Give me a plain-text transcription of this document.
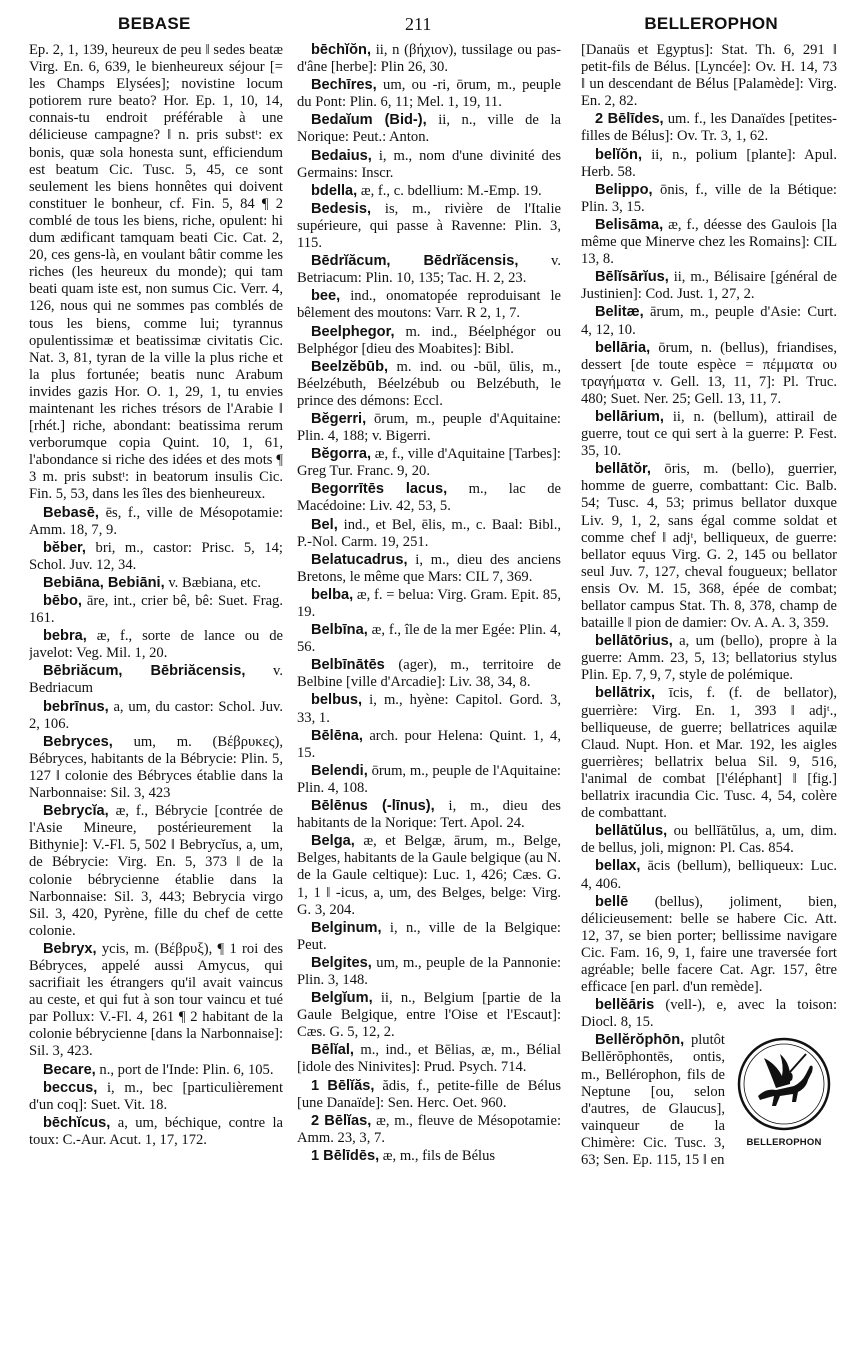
BEBASE	211	BELLEROPHON

Ep. 2, 1, 139, heureux de peu ‖ sedes beatæ Virg. En. 6, 639, le bienheureux séjour [= les Champs Elysées]; novistine locum potiorem rure beato? Hor. Ep. 1, 10, 14, connais-tu endroit préférable à une délicieuse campagne? ‖ n. pris substᵗ: ex bonis, quæ sola honesta sunt, efficiendum est beatum Cic. Tusc. 5, 45, ce sont seulement les biens honnêtes qui doivent constituer le bonheur, cf. Fin. 5, 84 ¶ 2 comblé de tous les biens, riche, opulent: hi dum ædificant tamquam beati Cic. Cat. 2, 20, ces gens-là, en voulant bâtir comme les riches (les heureux du monde); qui tam beati quam iste est, non sumus Cic. Verr. 4, 126, nous qui ne sommes pas comblés de tous les biens, comme lui; tyrannus opulentissimæ et beatissimæ civitatis Cic. Nat. 3, 81, tyran de la ville la plus riche et la plus fortunée; beatis nunc Arabum invides gazis Hor. O. 1, 29, 1, tu envies maintenant les riches trésors de l'Arabie ‖ [rhét.] riche, abondant: beatissima rerum verborumque copia Quint. 10, 1, 61, l'abondance si riche des idées et des mots ¶ 3 m. pris substᵗ: in beatorum insulis Cic. Fin. 5, 53, dans les îles des bienheureux.

Bebasē, ēs, f., ville de Mésopotamie: Amm. 18, 7, 9.

bĕber, bri, m., castor: Prisc. 5, 14; Schol. Juv. 12, 34.

Bebiāna, Bebiāni, v. Bæbiana, etc.

bēbo, āre, int., crier bê, bê: Suet. Frag. 161.

bebra, æ, f., sorte de lance ou de javelot: Veg. Mil. 1, 20.

Bēbriăcum, Bēbriăcensis, v. Bedriacum

bebrīnus, a, um, du castor: Schol. Juv. 2, 106.

Bebryces, um, m. (Βέβρυκες), Bébryces, habitants de la Bébrycie: Plin. 5, 127 ‖ colonie des Bébryces établie dans la Narbonnaise: Sil. 3, 423

Bebrycĭa, æ, f., Bébrycie [contrée de l'Asie Mineure, postérieurement la Bithynie]: V.-Fl. 5, 502 ‖ Bebrycĭus, a, um, de Bébrycie: Virg. En. 5, 373 ‖ de la colonie bébrycienne établie dans la Narbonnaise: Sil. 3, 443; Bebrycia virgo Sil. 3, 420, Pyrène, fille du chef de cette colonie.

Bebryx, ycis, m. (Βέβρυξ), ¶ 1 roi des Bébryces, appelé aussi Amycus, qui sacrifiait les étrangers qu'il avait vaincus au ceste, et qui fut à son tour vaincu et tué par Pollux: V.-Fl. 4, 261 ¶ 2 habitant de la colonie bébrycienne [dans la Narbonnaise]: Sil. 3, 423.

Becare, n., port de l'Inde: Plin. 6, 105.

beccus, i, m., bec [particulièrement d'un coq]: Suet. Vit. 18.

bēchĭcus, a, um, béchique, contre la toux: C.-Aur. Acut. 1, 17, 172.

bēchĭŏn, ii, n (βήχιον), tussilage ou pas-d'âne [herbe]: Plin 26, 30.

Bechīres, um, ou -ri, ōrum, m., peuple du Pont: Plin. 6, 11; Mel. 1, 19, 11.

Bedaĭum (Bid-), ii, n., ville de la Norique: Peut.: Anton.

Bedaius, i, m., nom d'une divinité des Germains: Inscr.

bdella, æ, f., c. bdellium: M.-Emp. 19.

Bedesis, is, m., rivière de l'Italie supérieure, qui passe à Ravenne: Plin. 3, 115.

Bēdrĭăcum, Bēdrĭăcensis, v. Betriacum: Plin. 10, 135; Tac. H. 2, 23.

bee, ind., onomatopée reproduisant le bêlement des moutons: Varr. R 2, 1, 7.

Beelphegor, m. ind., Béelphégor ou Belphégor [dieu des Moabites]: Bibl.

Beelzĕbūb, m. ind. ou -būl, ūlis, m., Béelzébuth, Béelzébub ou Belzébuth, le prince des démons: Eccl.

Bĕgerri, ōrum, m., peuple d'Aquitaine: Plin. 4, 188; v. Bigerri.

Bĕgorra, æ, f., ville d'Aquitaine [Tarbes]: Greg Tur. Franc. 9, 20.

Begorrītēs lacus, m., lac de Macédoine: Liv. 42, 53, 5.

Bel, ind., et Bel, ēlis, m., c. Baal: Bibl., P.-Nol. Carm. 19, 251.

Belatucadrus, i, m., dieu des anciens Bretons, le même que Mars: CIL 7, 369.

belba, æ, f. = belua: Virg. Gram. Epit. 85, 19.

Belbīna, æ, f., île de la mer Egée: Plin. 4, 56.

Belbīnātēs (ager), m., territoire de Belbine [ville d'Arcadie]: Liv. 38, 34, 8.

belbus, i, m., hyène: Capitol. Gord. 3, 33, 1.

Bēlēna, arch. pour Helena: Quint. 1, 4, 15.

Belendi, ōrum, m., peuple de l'Aquitaine: Plin. 4, 108.

Bēlēnus (-līnus), i, m., dieu des habitants de la Norique: Tert. Apol. 24.

Belga, æ, et Belgæ, ārum, m., Belge, Belges, habitants de la Gaule belgique (au N. de la Gaule celtique): Luc. 1, 426; Cæs. G. 1, 1 ‖ -icus, a, um, des Belges, belge: Virg. G. 3, 204.

Belginum, i, n., ville de la Belgique: Peut.

Belgites, um, m., peuple de la Pannonie: Plin. 3, 148.

Belgĭum, ii, n., Belgium [partie de la Gaule Belgique, entre l'Oise et l'Escaut]: Cæs. G. 5, 12, 2.

Bēlĭal, m., ind., et Bēlias, æ, m., Bélial [idole des Ninivites]: Prud. Psych. 714.

1 Bēlĭăs, ădis, f., petite-fille de Bélus [une Danaïde]: Sen. Herc. Oet. 960.

2 Bēlĭas, æ, m., fleuve de Mésopotamie: Amm. 23, 3, 7.

1 Bēlīdēs, æ, m., fils de Bélus

[Danaüs et Egyptus]: Stat. Th. 6, 291 ‖ petit-fils de Bélus. [Lyncée]: Ov. H. 14, 73 ‖ un descendant de Bélus [Palamède]: Virg. En. 2, 82.

2 Bēlīdes, um. f., les Danaïdes [petites-filles de Bélus]: Ov. Tr. 3, 1, 62.

belĭŏn, ii, n., polium [plante]: Apul. Herb. 58.

Belippo, ōnis, f., ville de la Bétique: Plin. 3, 15.

Belisāma, æ, f., déesse des Gaulois [la même que Minerve chez les Romains]: CIL 13, 8.

Bēlĭsārĭus, ii, m., Bélisaire [général de Justinien]: Cod. Just. 1, 27, 2.

Belitæ, ārum, m., peuple d'Asie: Curt. 4, 12, 10.

bellāria, ōrum, n. (bellus), friandises, dessert [de toute espèce = πέμματα ου τραγήματα v. Gell. 13, 11, 7]: Pl. Truc. 480; Suet. Ner. 25; Gell. 13, 11, 7.

bellārium, ii, n. (bellum), attirail de guerre, tout ce qui sert à la guerre: P. Fest. 35, 10.

bellātŏr, ōris, m. (bello), guerrier, homme de guerre, combattant: Cic. Balb. 54; Tusc. 4, 53; primus bellator duxque Liv. 9, 1, 2, sans égal comme soldat et comme chef ‖ adjᵗ, belliqueux, de guerre: bellator equus Virg. G. 2, 145 ou bellator seul Juv. 7, 127, cheval fougueux; bellator ensis Ov. M. 15, 368, épée de combat; bellator campus Stat. Th. 8, 378, champ de bataille ‖ pion de damier: Ov. A. A. 3, 359.

bellātōrius, a, um (bello), propre à la guerre: Amm. 23, 5, 13; bellatorius stylus Plin. Ep. 7, 9, 7, style de polémique.

bellātrix, īcis, f. (f. de bellator), guerrière: Virg. En. 1, 393 ‖ adjᵗ., belliqueuse, de guerre; bellatrices aquilæ Claud. Nupt. Hon. et Mar. 192, les aigles guerrières; bellatrix belua Sil. 9, 516, l'animal de combat [l'éléphant] ‖ [fig.] bellatrix iracundia Cic. Tusc. 4, 54, colère de combattant.

bellātŭlus, ou bellĭātŭlus, a, um, dim. de bellus, joli, mignon: Pl. Cas. 854.

bellax, ācis (bellum), belliqueux: Luc. 4, 406.

bellē (bellus), joliment, bien, délicieusement: belle se habere Cic. Att. 12, 37, se bien porter; bellissime navigare Cic. Fam. 16, 9, 1, faire une traversée fort agréable; belle facere Cat. Agr. 157, être efficace [en parl. d'un remède].

bellĕāris (vell-), e, avec la toison: Diocl. 8, 15.

BELLEROPHON

Bellĕrŏphōn, plutôt Bellĕrŏphontēs, ontis, m., Bellérophon, fils de Neptune [ou, selon d'autres, de Glaucus], vainqueur de la Chimère: Cic. Tusc. 3, 63; Sen. Ep. 115, 15 ‖ en
